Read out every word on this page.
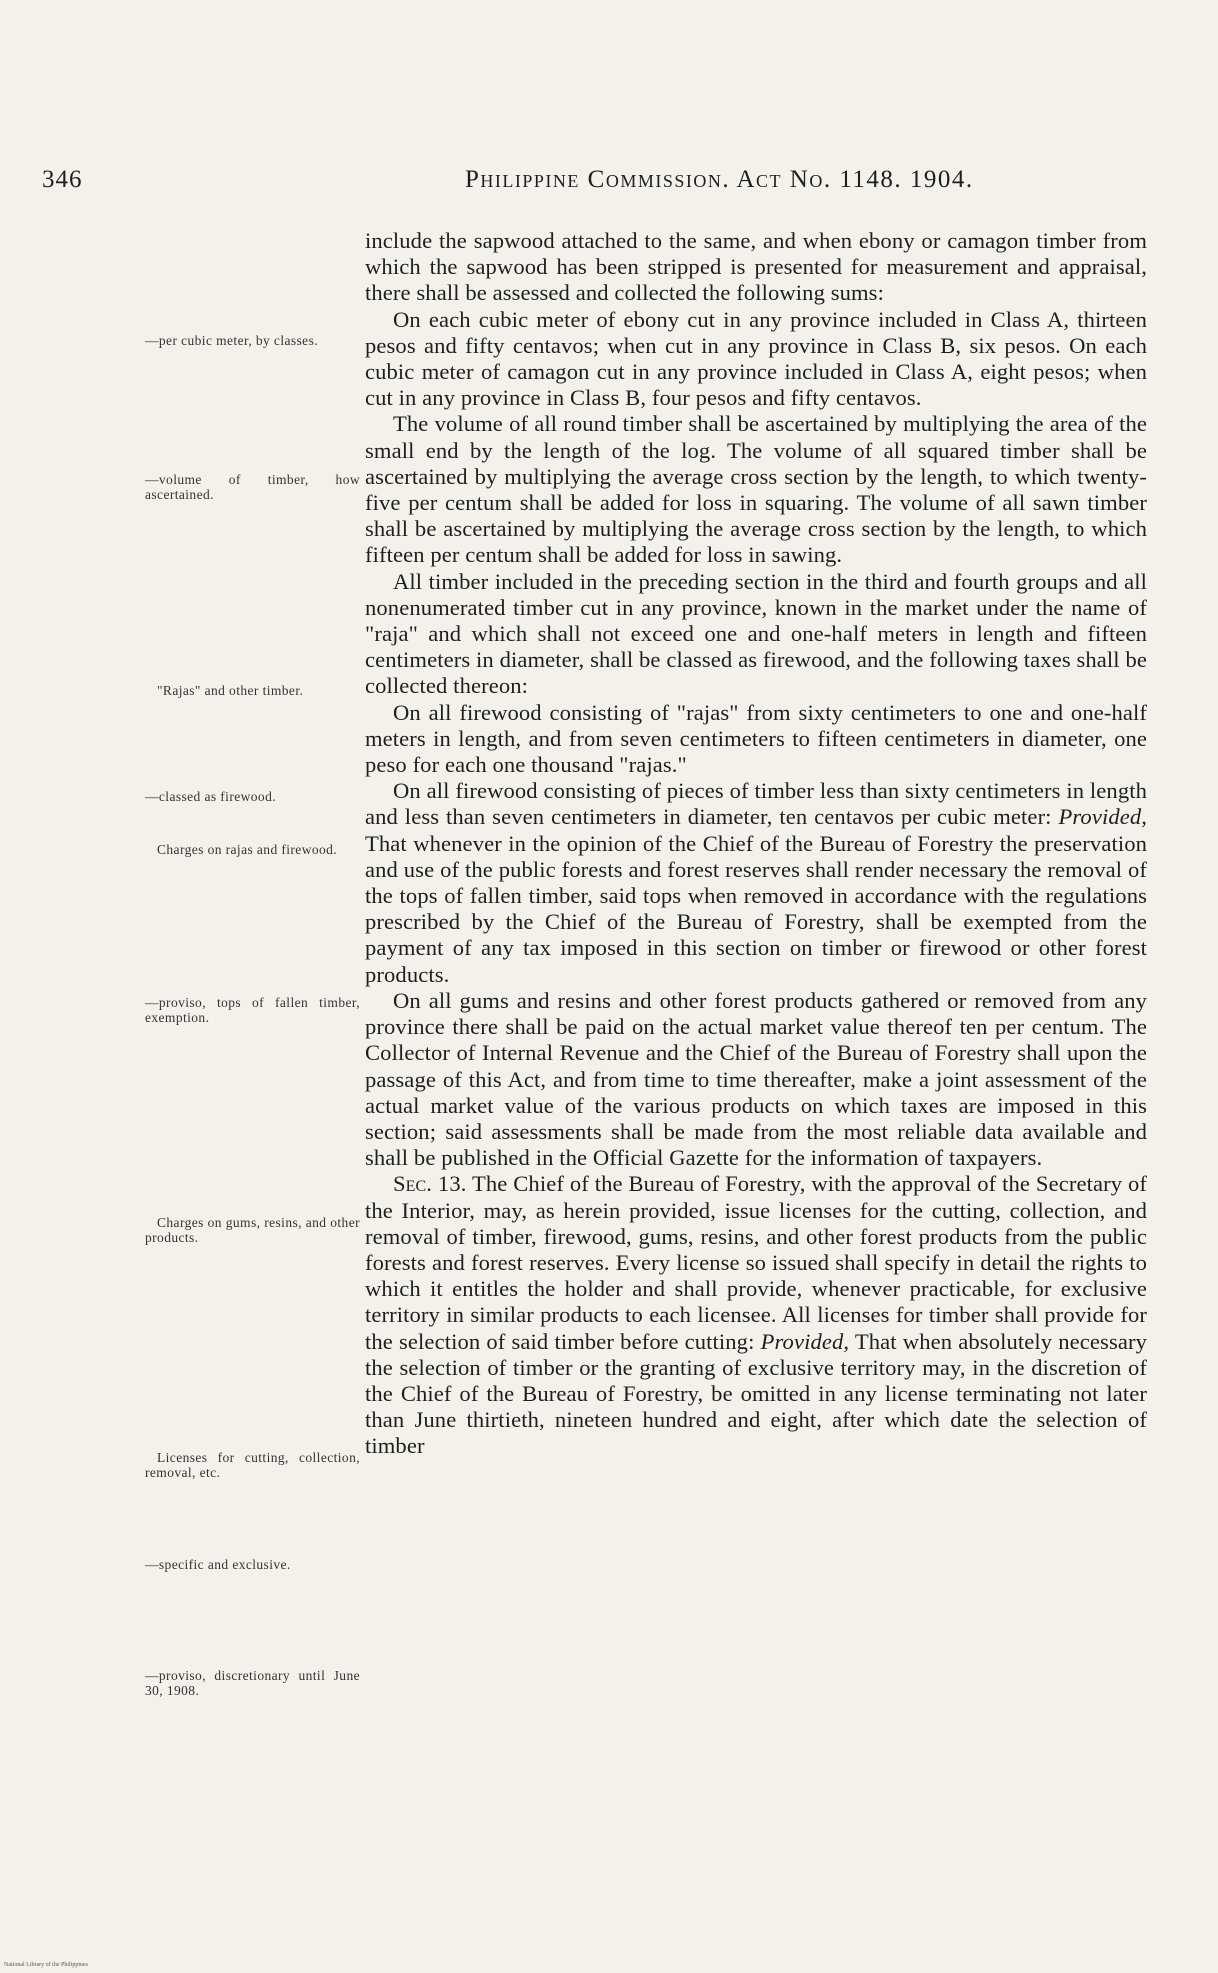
346	Philippine Commission. Act No. 1148. 1904.
—per cubic meter, by classes.
—volume of timber, how ascertained.
"Rajas" and other timber.
—classed as firewood.
Charges on rajas and firewood.
—proviso, tops of fallen timber, exemption.
Charges on gums, resins, and other products.
Licenses for cutting, collection, removal, etc.
—specific and exclusive.
—proviso, discretionary until June 30, 1908.

include the sapwood attached to the same, and when ebony or camagon timber from which the sapwood has been stripped is presented for measurement and appraisal, there shall be assessed and collected the following sums:

On each cubic meter of ebony cut in any province included in Class A, thirteen pesos and fifty centavos; when cut in any province in Class B, six pesos. On each cubic meter of camagon cut in any province included in Class A, eight pesos; when cut in any province in Class B, four pesos and fifty centavos.

The volume of all round timber shall be ascertained by multiplying the area of the small end by the length of the log. The volume of all squared timber shall be ascertained by multiplying the average cross section by the length, to which twenty-five per centum shall be added for loss in squaring. The volume of all sawn timber shall be ascertained by multiplying the average cross section by the length, to which fifteen per centum shall be added for loss in sawing.

All timber included in the preceding section in the third and fourth groups and all nonenumerated timber cut in any province, known in the market under the name of "raja" and which shall not exceed one and one-half meters in length and fifteen centimeters in diameter, shall be classed as firewood, and the following taxes shall be collected thereon:

On all firewood consisting of "rajas" from sixty centimeters to one and one-half meters in length, and from seven centimeters to fifteen centimeters in diameter, one peso for each one thousand "rajas."

On all firewood consisting of pieces of timber less than sixty centimeters in length and less than seven centimeters in diameter, ten centavos per cubic meter: Provided, That whenever in the opinion of the Chief of the Bureau of Forestry the preservation and use of the public forests and forest reserves shall render necessary the removal of the tops of fallen timber, said tops when removed in accordance with the regulations prescribed by the Chief of the Bureau of Forestry, shall be exempted from the payment of any tax imposed in this section on timber or firewood or other forest products.

On all gums and resins and other forest products gathered or removed from any province there shall be paid on the actual market value thereof ten per centum. The Collector of Internal Revenue and the Chief of the Bureau of Forestry shall upon the passage of this Act, and from time to time thereafter, make a joint assessment of the actual market value of the various products on which taxes are imposed in this section; said assessments shall be made from the most reliable data available and shall be published in the Official Gazette for the information of taxpayers.

Sec. 13. The Chief of the Bureau of Forestry, with the approval of the Secretary of the Interior, may, as herein provided, issue licenses for the cutting, collection, and removal of timber, firewood, gums, resins, and other forest products from the public forests and forest reserves. Every license so issued shall specify in detail the rights to which it entitles the holder and shall provide, whenever practicable, for exclusive territory in similar products to each licensee. All licenses for timber shall provide for the selection of said timber before cutting: Provided, That when absolutely necessary the selection of timber or the granting of exclusive territory may, in the discretion of the Chief of the Bureau of Forestry, be omitted in any license terminating not later than June thirtieth, nineteen hundred and eight, after which date the selection of timber

National Library of the Philippines
